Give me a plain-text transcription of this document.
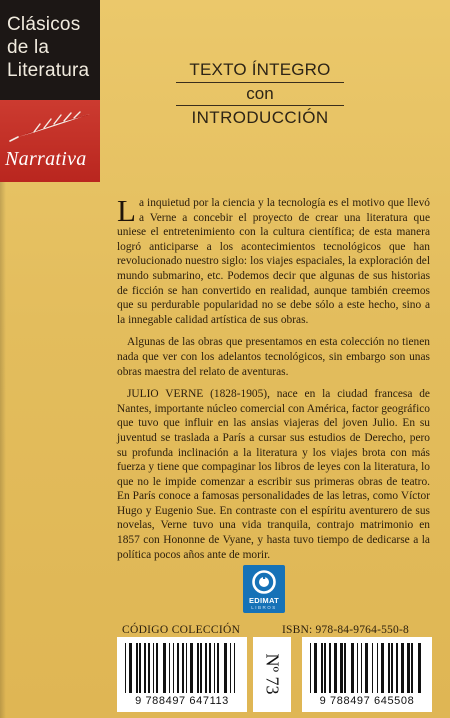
Clásicos
de la
Literatura
Narrativa
TEXTO ÍNTEGRO
con
INTRODUCCIÓN

La inquietud por la ciencia y la tecnología es el motivo que llevó a Verne a concebir el proyecto de crear una literatura que uniese el entretenimiento con la cultura científica; de esta manera logró anticiparse a los acontecimientos tecnológicos que han revolucionado nuestro siglo: los viajes espaciales, la exploración del mundo submarino, etc. Podemos decir que algunas de sus historias de ficción se han convertido en realidad, aunque también creemos que su perdurable popularidad no se debe sólo a este hecho, sino a la innegable calidad artística de sus obras.

Algunas de las obras que presentamos en esta colección no tienen nada que ver con los adelantos tecnológicos, sin embargo son unas obras maestra del relato de aventuras.

JULIO VERNE (1828-1905), nace en la ciudad francesa de Nantes, importante núcleo comercial con América, factor geográfico que tuvo que influir en las ansias viajeras del joven Julio. En su juventud se traslada a París a cursar sus estudios de Derecho, pero su profunda inclinación a la literatura y los viajes brota con más fuerza y tiene que compaginar los libros de leyes con la literatura, lo que no le impide comenzar a escribir sus primeras obras de teatro. En París conoce a famosas personalidades de las letras, como Víctor Hugo y Eugenio Sue. En contraste con el espíritu aventurero de sus novelas, Verne tuvo una vida tranquila, contrajo matrimonio en 1857 con Hononne de Vyane, y hasta tuvo tiempo de dedicarse a la política pocos años ante de morir.

EDIMAT
LIBROS
CÓDIGO COLECCIÓN	ISBN: 978-84-9764-550-8
9 788497 647113
Nº 73
9 788497 645508
